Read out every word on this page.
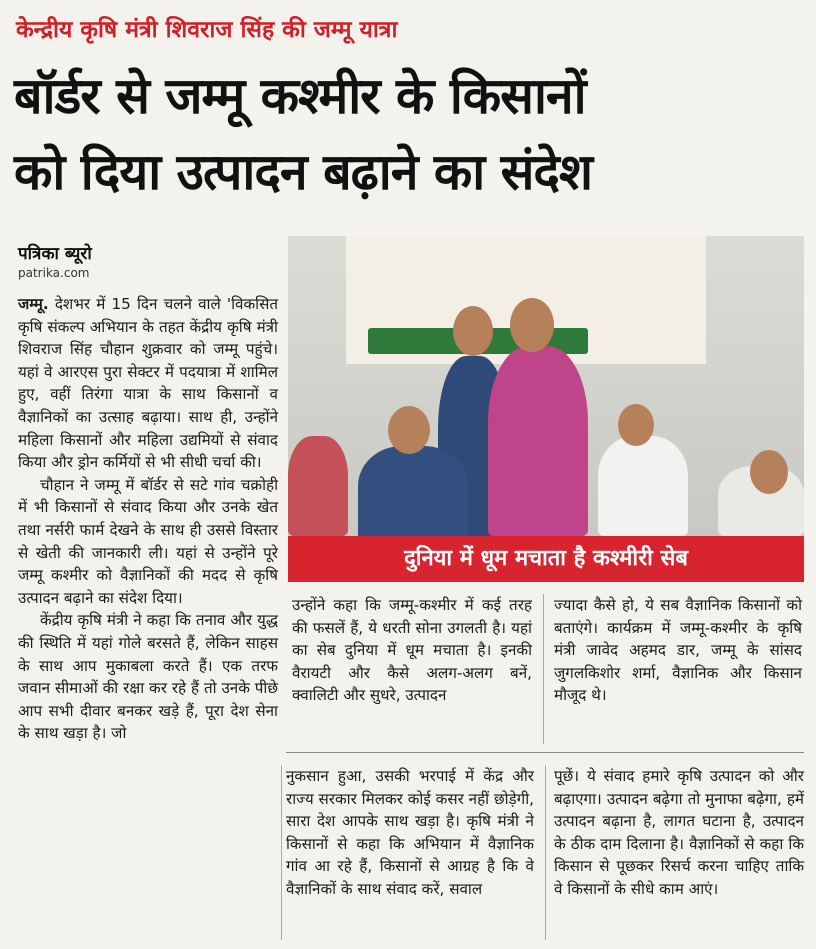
केन्द्रीय कृषि मंत्री शिवराज सिंह की जम्मू यात्रा
बॉर्डर से जम्मू कश्मीर के किसानों
को दिया उत्पादन बढ़ाने का संदेश
पत्रिका ब्यूरो
patrika.com

जम्मू. देशभर में 15 दिन चलने वाले 'विकसित कृषि संकल्प अभियान के तहत केंद्रीय कृषि मंत्री शिवराज सिंह चौहान शुक्रवार को जम्मू पहुंचे। यहां वे आरएस पुरा सेक्टर में पदयात्रा में शामिल हुए, वहीं तिरंगा यात्रा के साथ किसानों व वैज्ञानिकों का उत्साह बढ़ाया। साथ ही, उन्होंने महिला किसानों और महिला उद्यमियों से संवाद किया और ड्रोन कर्मियों से भी सीधी चर्चा की।

चौहान ने जम्मू में बॉर्डर से सटे गांव चक्रोही में भी किसानों से संवाद किया और उनके खेत तथा नर्सरी फार्म देखने के साथ ही उससे विस्तार से खेती की जानकारी ली। यहां से उन्होंने पूरे जम्मू कश्मीर को वैज्ञानिकों की मदद से कृषि उत्पादन बढ़ाने का संदेश दिया।

केंद्रीय कृषि मंत्री ने कहा कि तनाव और युद्ध की स्थिति में यहां गोले बरसते हैं, लेकिन साहस के साथ आप मुकाबला करते हैं। एक तरफ जवान सीमाओं की रक्षा कर रहे हैं तो उनके पीछे आप सभी दीवार बनकर खड़े हैं, पूरा देश सेना के साथ खड़ा है। जो

दुनिया में धूम मचाता है कश्मीरी सेब
उन्होंने कहा कि जम्मू-कश्मीर में कई तरह की फसलें हैं, ये धरती सोना उगलती है। यहां का सेब दुनिया में धूम मचाता है। इनकी वैरायटी और कैसे अलग-अलग बनें, क्वालिटी और सुधरे, उत्पादन
ज्यादा कैसे हो, ये सब वैज्ञानिक किसानों को बताएंगे। कार्यक्रम में जम्मू-कश्मीर के कृषि मंत्री जावेद अहमद डार, जम्मू के सांसद जुगलकिशोर शर्मा, वैज्ञानिक और किसान मौजूद थे।
नुकसान हुआ, उसकी भरपाई में केंद्र और राज्य सरकार मिलकर कोई कसर नहीं छोड़ेगी, सारा देश आपके साथ खड़ा है। कृषि मंत्री ने किसानों से कहा कि अभियान में वैज्ञानिक गांव आ रहे हैं, किसानों से आग्रह है कि वे वैज्ञानिकों के साथ संवाद करें, सवाल
पूछें। ये संवाद हमारे कृषि उत्पादन को और बढ़ाएगा। उत्पादन बढ़ेगा तो मुनाफा बढ़ेगा, हमें उत्पादन बढ़ाना है, लागत घटाना है, उत्पादन के ठीक दाम दिलाना है। वैज्ञानिकों से कहा कि किसान से पूछकर रिसर्च करना चाहिए ताकि वे किसानों के सीधे काम आएं।
